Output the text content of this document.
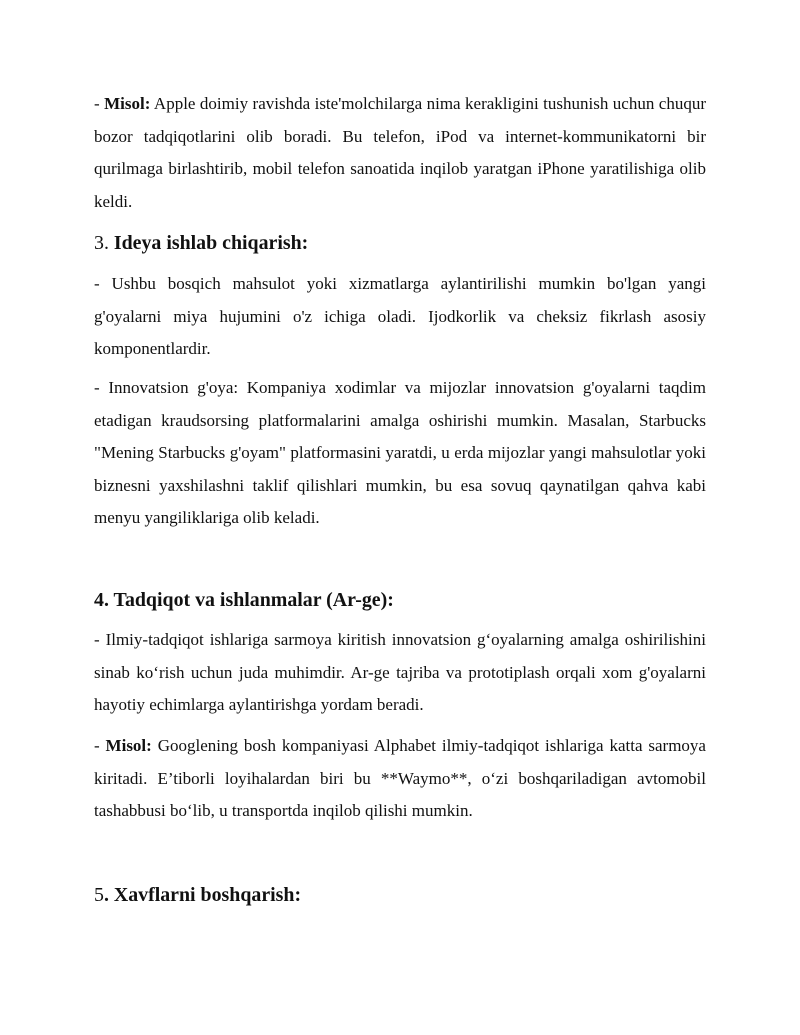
- Misol: Apple doimiy ravishda iste'molchilarga nima kerakligini tushunish uchun chuqur bozor tadqiqotlarini olib boradi. Bu telefon, iPod va internet-kommunikatorni bir qurilmaga birlashtirib, mobil telefon sanoatida inqilob yaratgan iPhone yaratilishiga olib keldi.

3. Ideya ishlab chiqarish:

- Ushbu bosqich mahsulot yoki xizmatlarga aylantirilishi mumkin bo'lgan yangi g'oyalarni miya hujumini o'z ichiga oladi. Ijodkorlik va cheksiz fikrlash asosiy komponentlardir.

- Innovatsion g'oya: Kompaniya xodimlar va mijozlar innovatsion g'oyalarni taqdim etadigan kraudsorsing platformalarini amalga oshirishi mumkin. Masalan, Starbucks "Mening Starbucks g'oyam" platformasini yaratdi, u erda mijozlar yangi mahsulotlar yoki biznesni yaxshilashni taklif qilishlari mumkin, bu esa sovuq qaynatilgan qahva kabi menyu yangiliklariga olib keladi.

4. Tadqiqot va ishlanmalar (Ar-ge):

- Ilmiy-tadqiqot ishlariga sarmoya kiritish innovatsion g‘oyalarning amalga oshirilishini sinab ko‘rish uchun juda muhimdir. Ar-ge tajriba va prototiplash orqali xom g'oyalarni hayotiy echimlarga aylantirishga yordam beradi.

- Misol: Googlening bosh kompaniyasi Alphabet ilmiy-tadqiqot ishlariga katta sarmoya kiritadi. E’tiborli loyihalardan biri bu **Waymo**, o‘zi boshqariladigan avtomobil tashabbusi bo‘lib, u transportda inqilob qilishi mumkin.

5. Xavflarni boshqarish:
